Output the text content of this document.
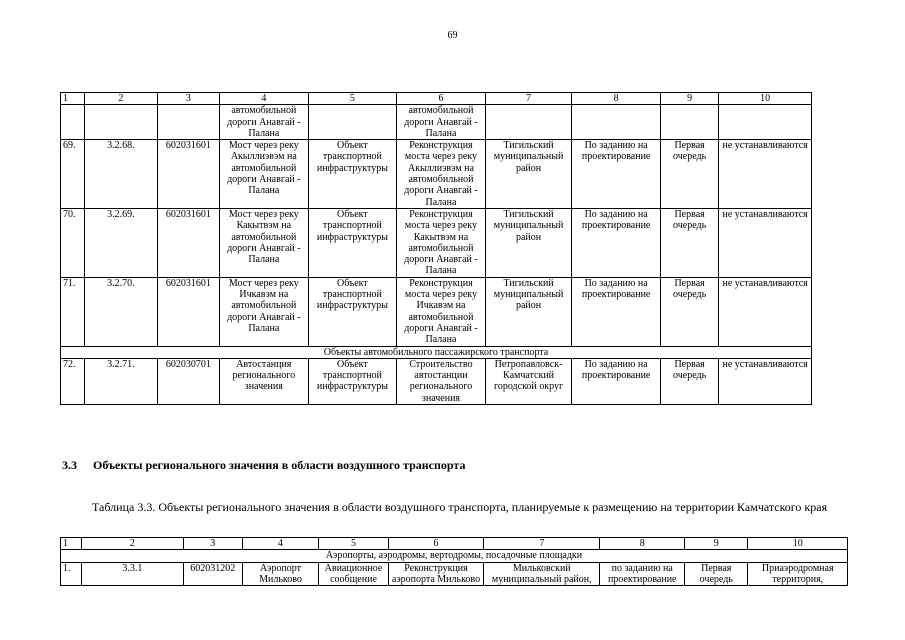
69
1	2	3	4	5	6	7	8	9	10
			автомобильной дороги Анавгай - Палана		автомобильной дороги Анавгай - Палана				
69.	3.2.68.	602031601	Мост через реку Акыллиэвэм на автомобильной дороги Анавгай - Палана	Объект транспортной инфраструктуры	Реконструкция моста через реку Акыллиэвэм на автомобильной дороги Анавгай - Палана	Тигильский муниципальный район	По заданию на проектирование	Первая очередь	не устанавливаются
70.	3.2.69.	602031601	Мост через реку Какытвэм на автомобильной дороги Анавгай - Палана	Объект транспортной инфраструктуры	Реконструкция моста через реку Какытвэм на автомобильной дороги Анавгай - Палана	Тигильский муниципальный район	По заданию на проектирование	Первая очередь	не устанавливаются
71.	3.2.70.	602031601	Мост через реку Ичкавэм на автомобильной дороги Анавгай - Палана	Объект транспортной инфраструктуры	Реконструкция моста через реку Ичкавэм на автомобильной дороги Анавгай - Палана	Тигильский муниципальный район	По заданию на проектирование	Первая очередь	не устанавливаются
Объекты автомобильного пассажирского транспорта									
72.	3.2.71.	602030701	Автостанция регионального значения	Объект транспортной инфраструктуры	Строительство автостанции регионального значения	Петропавловск-Камчатский городской округ	По заданию на проектирование	Первая очередь	не устанавливаются
3.3 Объекты регионального значения в области воздушного транспорта
Таблица 3.3. Объекты регионального значения в области воздушного транспорта, планируемые к размещению на территории Камчатского края
1	2	3	4	5	6	7	8	9	10
Аэропорты, аэродромы, вертодромы, посадочные площадки									
1.	3.3.1	602031202	Аэропорт Мильково	Авиационное сообщение	Реконструкция аэропорта Мильково	Мильковский муниципальный район,	по заданию на проектирование	Первая очередь	Приаэродромная территория,
